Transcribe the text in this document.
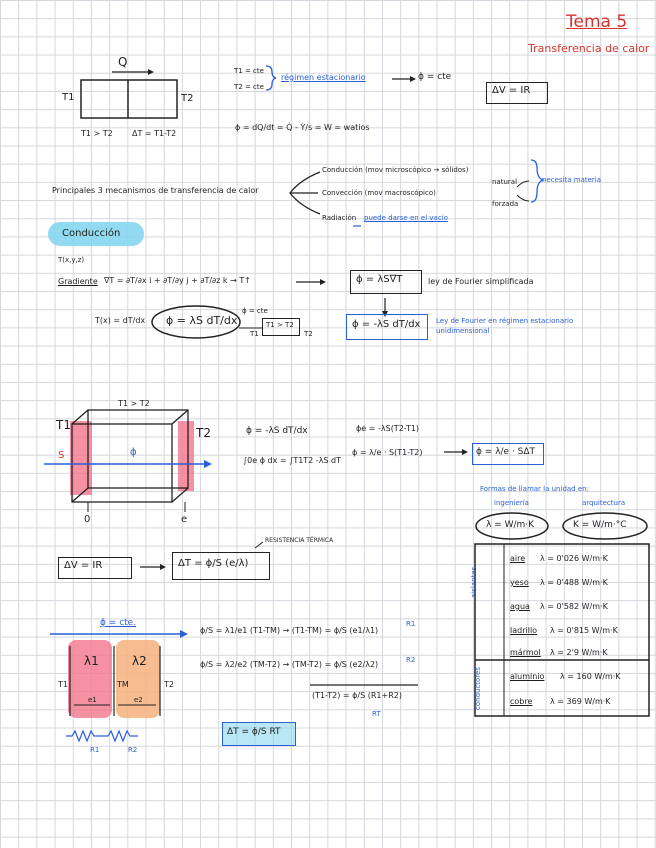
Tema 5
Transferencia de calor
Q
T1	T2
T1 > T2 ΔT = T1-T2
T1 = cte
T2 = cte
régimen estacionario	ϕ = cte
ϕ = dQ/dt = Q̇ - Ẏ/s = W = watios
ΔV = IR
Principales 3 mecanismos de transferencia de calor
Conducción (mov microscópico → sólidos)
Convección (mov macroscópico)
natural
forzada
necesita materia
Radiación puede darse en el vacío
Conducción
T(x,y,z)
Gradiente ∇T = ∂T/∂x i + ∂T/∂y j + ∂T/∂z k → T↑	ϕ = λS∇T	ley de Fourier simplificada
T(x) = dT/dx
ϕ = cte
ϕ = λS dT/dx	T1 > T2
T1	T2
ϕ = -λS dT/dx Ley de Fourier en régimen estacionario unidimensional
T1 > T2
T1
T2
S	ϕ
0	e
ϕ = -λS dT/dx
∫0e ϕ dx = ∫T1T2 -λS dT
ϕe = -λS(T2-T1)
ϕ = λ/e · S(T1-T2)	ϕ = λ/e · SΔT
Formas de llamar la unidad en:
ingeniería	arquitectura
λ = W/m·K	K = W/m·°C
aislantes
conductores
aire λ = 0'026 W/m·K
yeso λ = 0'488 W/m·K
agua λ = 0'582 W/m·K
ladrillo λ = 0'815 W/m·K
mármol λ = 2'9 W/m·K
aluminio λ = 160 W/m·K
cobre λ = 369 W/m·K
ΔV = IR	ΔT = ϕ/S (e/λ)
RESISTENCIA TÉRMICA
ϕ = cte.
λ1	λ2
T1	TM	T2
e1	e2
R1	R2
ϕ/S = λ1/e1 (T1-TM) → (T1-TM) = ϕ/S (e1/λ1)
ϕ/S = λ2/e2 (TM-T2) → (TM-T2) = ϕ/S (e2/λ2)
(T1-T2) = ϕ/S (R1+R2)
R1
R2
RT
ΔT = ϕ/S RT
